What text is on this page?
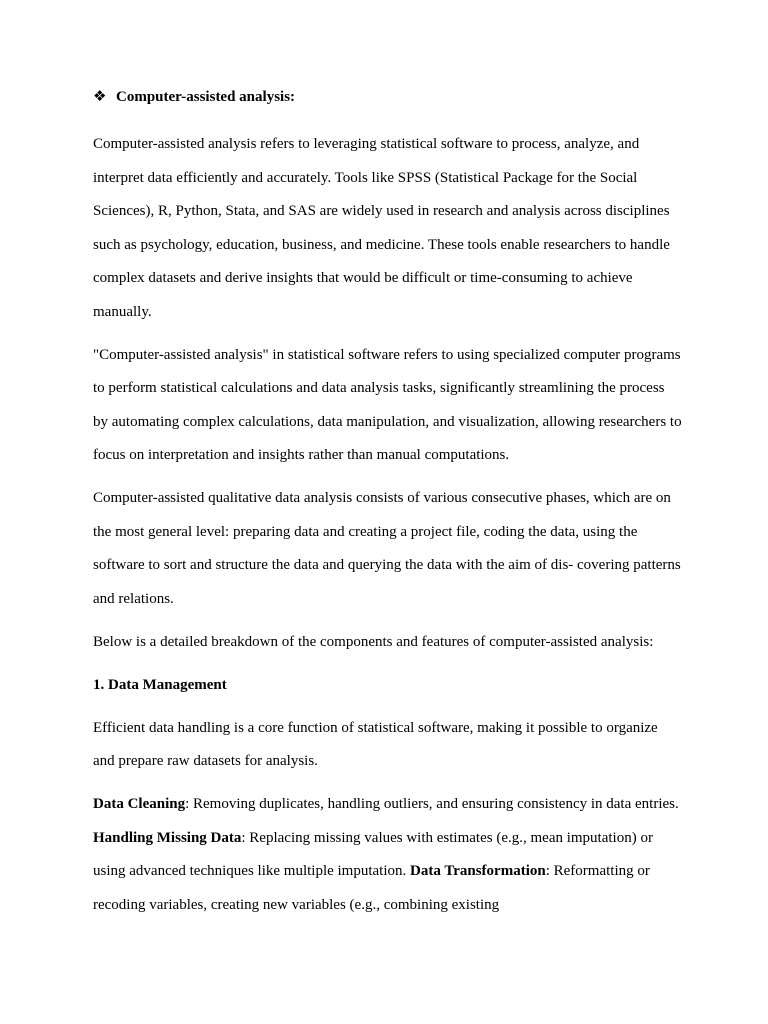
❖ Computer-assisted analysis:

Computer-assisted analysis refers to leveraging statistical software to process, analyze, and interpret data efficiently and accurately. Tools like SPSS (Statistical Package for the Social Sciences), R, Python, Stata, and SAS are widely used in research and analysis across disciplines such as psychology, education, business, and medicine. These tools enable researchers to handle complex datasets and derive insights that would be difficult or time-consuming to achieve manually.

"Computer-assisted analysis" in statistical software refers to using specialized computer programs to perform statistical calculations and data analysis tasks, significantly streamlining the process by automating complex calculations, data manipulation, and visualization, allowing researchers to focus on interpretation and insights rather than manual computations.

Computer-assisted qualitative data analysis consists of various consecutive phases, which are on the most general level: preparing data and creating a project file, coding the data, using the software to sort and structure the data and querying the data with the aim of dis- covering patterns and relations.

Below is a detailed breakdown of the components and features of computer-assisted analysis:

1. Data Management

Efficient data handling is a core function of statistical software, making it possible to organize and prepare raw datasets for analysis.

Data Cleaning: Removing duplicates, handling outliers, and ensuring consistency in data entries. Handling Missing Data: Replacing missing values with estimates (e.g., mean imputation) or using advanced techniques like multiple imputation. Data Transformation: Reformatting or recoding variables, creating new variables (e.g., combining existing
